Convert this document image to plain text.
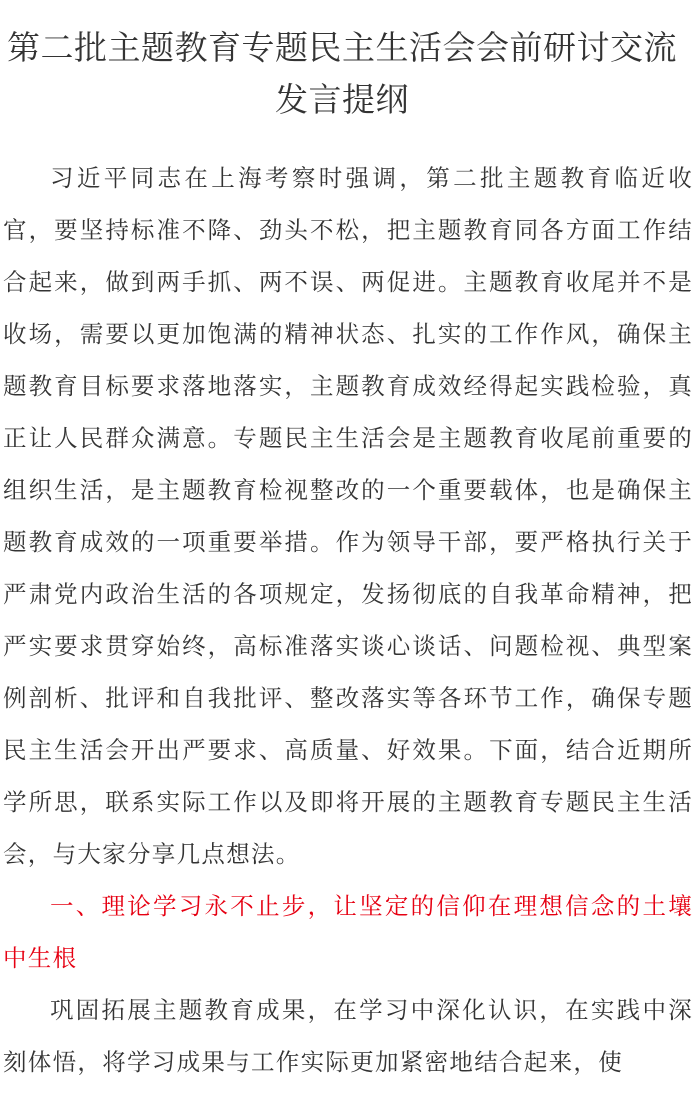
第二批主题教育专题民主生活会会前研讨交流发言提纲

习近平同志在上海考察时强调，第二批主题教育临近收官，要坚持标准不降、劲头不松，把主题教育同各方面工作结合起来，做到两手抓、两不误、两促进。主题教育收尾并不是收场，需要以更加饱满的精神状态、扎实的工作作风，确保主题教育目标要求落地落实，主题教育成效经得起实践检验，真正让人民群众满意。专题民主生活会是主题教育收尾前重要的组织生活，是主题教育检视整改的一个重要载体，也是确保主题教育成效的一项重要举措。作为领导干部，要严格执行关于严肃党内政治生活的各项规定，发扬彻底的自我革命精神，把严实要求贯穿始终，高标准落实谈心谈话、问题检视、典型案例剖析、批评和自我批评、整改落实等各环节工作，确保专题民主生活会开出严要求、高质量、好效果。下面，结合近期所学所思，联系实际工作以及即将开展的主题教育专题民主生活会，与大家分享几点想法。

一、理论学习永不止步，让坚定的信仰在理想信念的土壤中生根

巩固拓展主题教育成果，在学习中深化认识，在实践中深刻体悟，将学习成果与工作实际更加紧密地结合起来，使
